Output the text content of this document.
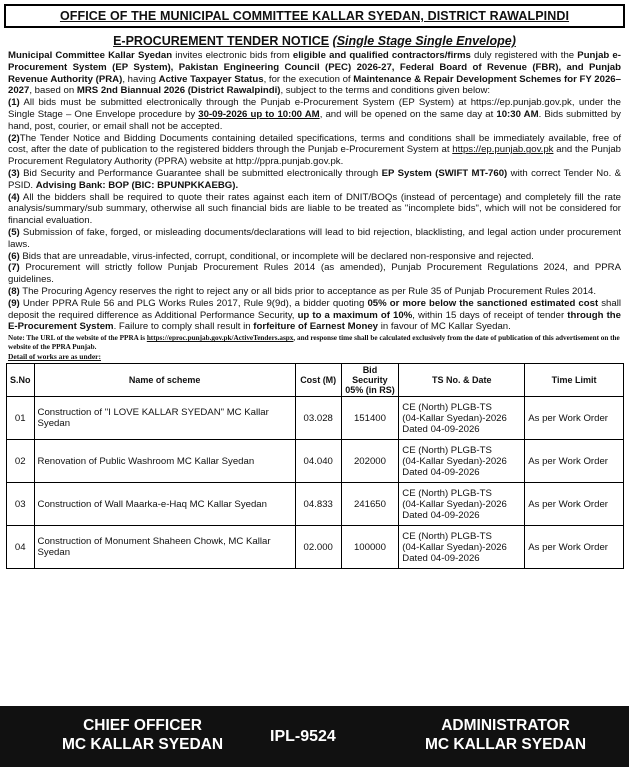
OFFICE OF THE MUNICIPAL COMMITTEE KALLAR SYEDAN, DISTRICT RAWALPINDI
E-PROCUREMENT TENDER NOTICE (Single Stage Single Envelope)

Municipal Committee Kallar Syedan invites electronic bids from eligible and qualified contractors/firms duly registered with the Punjab e-Procurement System (EP System), Pakistan Engineering Council (PEC) 2026-27, Federal Board of Revenue (FBR), and Punjab Revenue Authority (PRA), having Active Taxpayer Status, for the execution of Maintenance & Repair Development Schemes for FY 2026–2027, based on MRS 2nd Biannual 2026 (District Rawalpindi), subject to the terms and conditions given below:

(1) All bids must be submitted electronically through the Punjab e-Procurement System (EP System) at https://ep.punjab.gov.pk, under the Single Stage – One Envelope procedure by 30-09-2026 up to 10:00 AM, and will be opened on the same day at 10:30 AM. Bids submitted by hand, post, courier, or email shall not be accepted.

(2)The Tender Notice and Bidding Documents containing detailed specifications, terms and conditions shall be immediately available, free of cost, after the date of publication to the registered bidders through the Punjab e-Procurement System at https://ep.punjab.gov.pk and the Punjab Procurement Regulatory Authority (PPRA) website at http://ppra.punjab.gov.pk.

(3) Bid Security and Performance Guarantee shall be submitted electronically through EP System (SWIFT MT-760) with correct Tender No. & PSID. Advising Bank: BOP (BIC: BPUNPKKAEBG).

(4) All the bidders shall be required to quote their rates against each item of DNIT/BOQs (instead of percentage) and completely fill the rate analysis/summary/sub summary, otherwise all such financial bids are liable to be treated as "incomplete bids", which will not be considered for financial evaluation.

(5) Submission of fake, forged, or misleading documents/declarations will lead to bid rejection, blacklisting, and legal action under procurement laws.

(6) Bids that are unreadable, virus-infected, corrupt, conditional, or incomplete will be declared non-responsive and rejected.

(7) Procurement will strictly follow Punjab Procurement Rules 2014 (as amended), Punjab Procurement Regulations 2024, and PPRA guidelines.

(8) The Procuring Agency reserves the right to reject any or all bids prior to acceptance as per Rule 35 of Punjab Procurement Rules 2014.

(9) Under PPRA Rule 56 and PLG Works Rules 2017, Rule 9(9d), a bidder quoting 05% or more below the sanctioned estimated cost shall deposit the required difference as Additional Performance Security, up to a maximum of 10%, within 15 days of receipt of tender through the E-Procurement System. Failure to comply shall result in forfeiture of Earnest Money in favour of MC Kallar Syedan.

Note: The URL of the website of the PPRA is https://eproc.punjab.gov.pk/ActiveTenders.aspx, and response time shall be calculated exclusively from the date of publication of this advertisement on the website of the PPRA Punjab.
Detail of works are as under:
S.No	Name of scheme	Cost (M)	Bid Security 05% (in RS)	TS No. & Date	Time Limit
01	Construction of "I LOVE KALLAR SYEDAN" MC Kallar Syedan	03.028	151400	CE (North) PLGB-TS
(04-Kallar Syedan)-2026
Dated 04-09-2026	As per Work Order
02	Renovation of Public Washroom MC Kallar Syedan	04.040	202000	CE (North) PLGB-TS
(04-Kallar Syedan)-2026
Dated 04-09-2026	As per Work Order
03	Construction of Wall Maarka-e-Haq MC Kallar Syedan	04.833	241650	CE (North) PLGB-TS
(04-Kallar Syedan)-2026
Dated 04-09-2026	As per Work Order
04	Construction of Monument Shaheen Chowk, MC Kallar Syedan	02.000	100000	CE (North) PLGB-TS
(04-Kallar Syedan)-2026
Dated 04-09-2026	As per Work Order
CHIEF OFFICER
MC KALLAR SYEDAN	IPL-9524
ADMINISTRATOR
MC KALLAR SYEDAN
